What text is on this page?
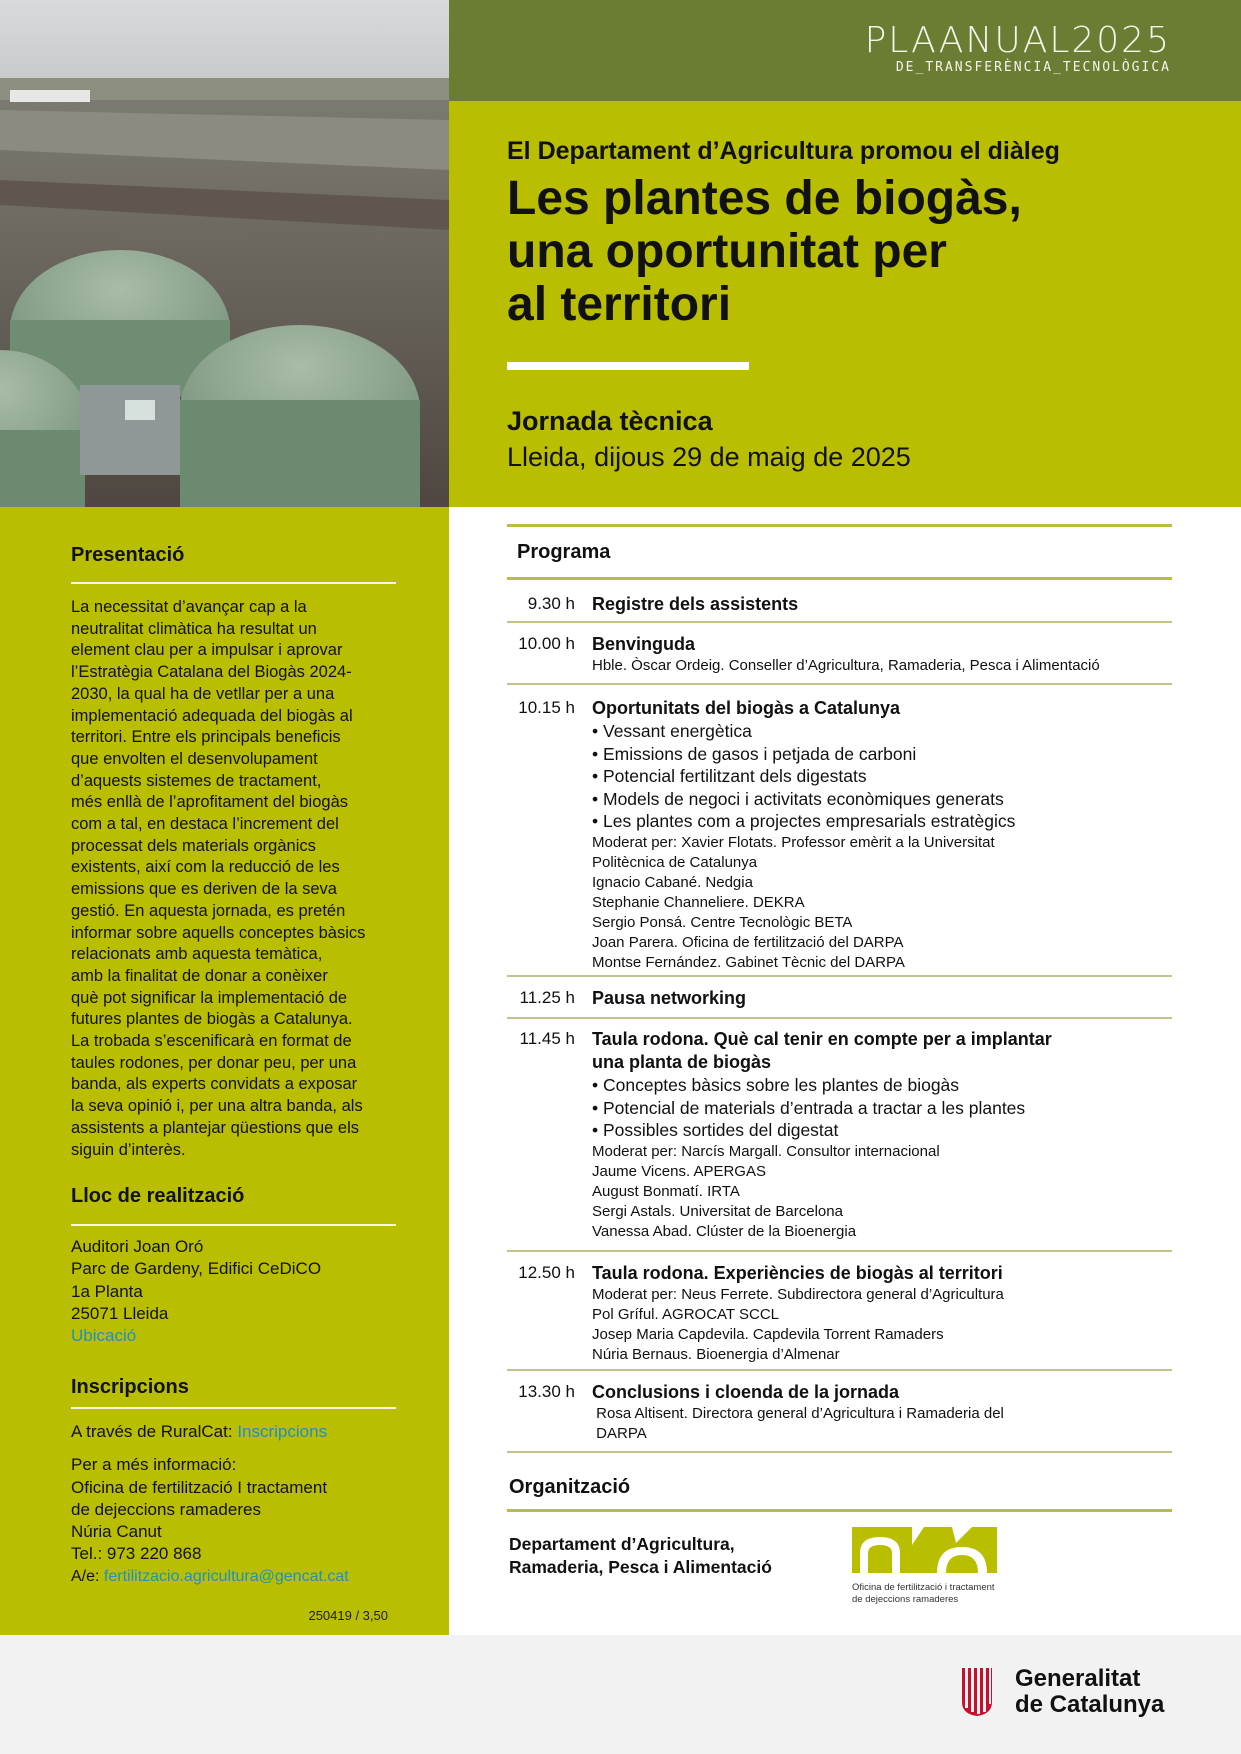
PLAANUAL2025
DE_TRANSFERÈNCIA_TECNOLÒGICA
El Departament d’Agricultura promou el diàleg
Les plantes de biogàs,
una oportunitat per
al territori
Jornada tècnica
Lleida, dijous 29 de maig de 2025
Presentació
La necessitat d’avançar cap a la
neutralitat climàtica ha resultat un
element clau per a impulsar i aprovar
l’Estratègia Catalana del Biogàs 2024-
2030, la qual ha de vetllar per a una
implementació adequada del biogàs al
territori. Entre els principals beneficis
que envolten el desenvolupament
d’aquests sistemes de tractament,
més enllà de l’aprofitament del biogàs
com a tal, en destaca l’increment del
processat dels materials orgànics
existents, així com la reducció de les
emissions que es deriven de la seva
gestió. En aquesta jornada, es pretén
informar sobre aquells conceptes bàsics
relacionats amb aquesta temàtica,
amb la finalitat de donar a conèixer
què pot significar la implementació de
futures plantes de biogàs a Catalunya.
La trobada s’escenificarà en format de
taules rodones, per donar peu, per una
banda, als experts convidats a exposar
la seva opinió i, per una altra banda, als
assistents a plantejar qüestions que els
siguin d’interès.
Lloc de realització
Auditori Joan Oró
Parc de Gardeny, Edifici CeDiCO
1a Planta
25071 Lleida
Ubicació
Inscripcions
A través de RuralCat: Inscripcions
Per a més informació:
Oficina de fertilització I tractament
de dejeccions ramaderes
Núria Canut
Tel.: 973 220 868
A/e: fertilitzacio.agricultura@gencat.cat
250419 / 3,50
Programa
9.30 h Registre dels assistents
10.00 h Benvinguda
Hble. Òscar Ordeig. Conseller d’Agricultura, Ramaderia, Pesca i Alimentació
10.15 h Oportunitats del biogàs a Catalunya
• Vessant energètica
• Emissions de gasos i petjada de carboni
• Potencial fertilitzant dels digestats
• Models de negoci i activitats econòmiques generats
• Les plantes com a projectes empresarials estratègics
Moderat per: Xavier Flotats. Professor emèrit a la Universitat
Politècnica de Catalunya
Ignacio Cabané. Nedgia
Stephanie Channeliere. DEKRA
Sergio Ponsá. Centre Tecnològic BETA
Joan Parera. Oficina de fertilització del DARPA
Montse Fernández. Gabinet Tècnic del DARPA
11.25 h Pausa networking
11.45 h Taula rodona. Què cal tenir en compte per a implantar
una planta de biogàs
• Conceptes bàsics sobre les plantes de biogàs
• Potencial de materials d’entrada a tractar a les plantes
• Possibles sortides del digestat
Moderat per: Narcís Margall. Consultor internacional
Jaume Vicens. APERGAS
August Bonmatí. IRTA
Sergi Astals. Universitat de Barcelona
Vanessa Abad. Clúster de la Bioenergia
12.50 h Taula rodona. Experiències de biogàs al territori
Moderat per: Neus Ferrete. Subdirectora general d’Agricultura
Pol Gríful. AGROCAT SCCL
Josep Maria Capdevila. Capdevila Torrent Ramaders
Núria Bernaus. Bioenergia d’Almenar
13.30 h Conclusions i cloenda de la jornada
Rosa Altisent. Directora general d’Agricultura i Ramaderia del
DARPA
Organització
Departament d’Agricultura,
Ramaderia, Pesca i Alimentació
Oficina de fertilització i tractament
de dejeccions ramaderes
Generalitat
de Catalunya
